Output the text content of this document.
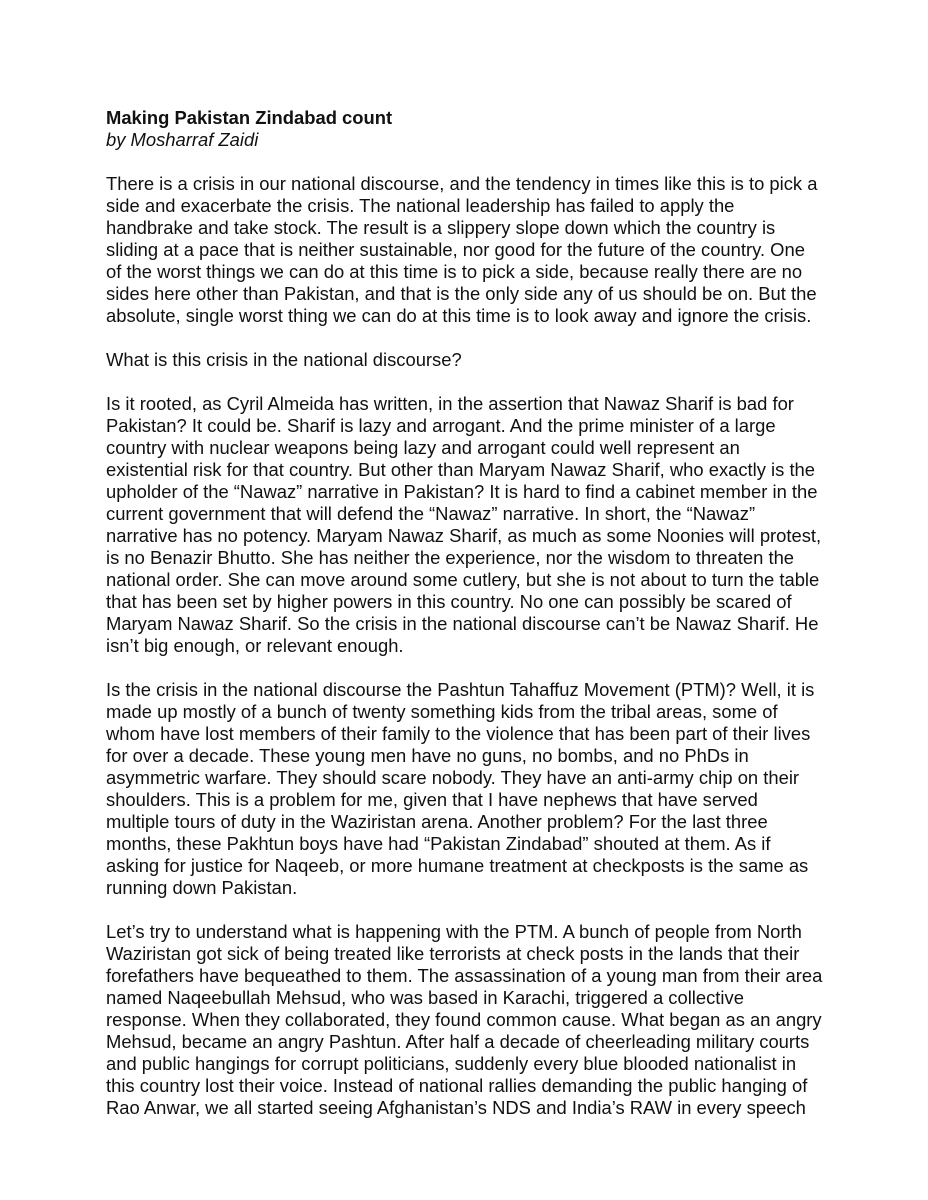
Making Pakistan Zindabad count
by Mosharraf Zaidi
There is a crisis in our national discourse, and the tendency in times like this is to pick a
side and exacerbate the crisis. The national leadership has failed to apply the
handbrake and take stock. The result is a slippery slope down which the country is
sliding at a pace that is neither sustainable, nor good for the future of the country. One
of the worst things we can do at this time is to pick a side, because really there are no
sides here other than Pakistan, and that is the only side any of us should be on. But the
absolute, single worst thing we can do at this time is to look away and ignore the crisis.
What is this crisis in the national discourse?
Is it rooted, as Cyril Almeida has written, in the assertion that Nawaz Sharif is bad for
Pakistan? It could be. Sharif is lazy and arrogant. And the prime minister of a large
country with nuclear weapons being lazy and arrogant could well represent an
existential risk for that country. But other than Maryam Nawaz Sharif, who exactly is the
upholder of the “Nawaz” narrative in Pakistan? It is hard to find a cabinet member in the
current government that will defend the “Nawaz” narrative. In short, the “Nawaz”
narrative has no potency. Maryam Nawaz Sharif, as much as some Noonies will protest,
is no Benazir Bhutto. She has neither the experience, nor the wisdom to threaten the
national order. She can move around some cutlery, but she is not about to turn the table
that has been set by higher powers in this country. No one can possibly be scared of
Maryam Nawaz Sharif. So the crisis in the national discourse can’t be Nawaz Sharif. He
isn’t big enough, or relevant enough.
Is the crisis in the national discourse the Pashtun Tahaffuz Movement (PTM)? Well, it is
made up mostly of a bunch of twenty something kids from the tribal areas, some of
whom have lost members of their family to the violence that has been part of their lives
for over a decade. These young men have no guns, no bombs, and no PhDs in
asymmetric warfare. They should scare nobody. They have an anti-army chip on their
shoulders. This is a problem for me, given that I have nephews that have served
multiple tours of duty in the Waziristan arena. Another problem? For the last three
months, these Pakhtun boys have had “Pakistan Zindabad” shouted at them. As if
asking for justice for Naqeeb, or more humane treatment at checkposts is the same as
running down Pakistan.
Let’s try to understand what is happening with the PTM. A bunch of people from North
Waziristan got sick of being treated like terrorists at check posts in the lands that their
forefathers have bequeathed to them. The assassination of a young man from their area
named Naqeebullah Mehsud, who was based in Karachi, triggered a collective
response. When they collaborated, they found common cause. What began as an angry
Mehsud, became an angry Pashtun. After half a decade of cheerleading military courts
and public hangings for corrupt politicians, suddenly every blue blooded nationalist in
this country lost their voice. Instead of national rallies demanding the public hanging of
Rao Anwar, we all started seeing Afghanistan’s NDS and India’s RAW in every speech
